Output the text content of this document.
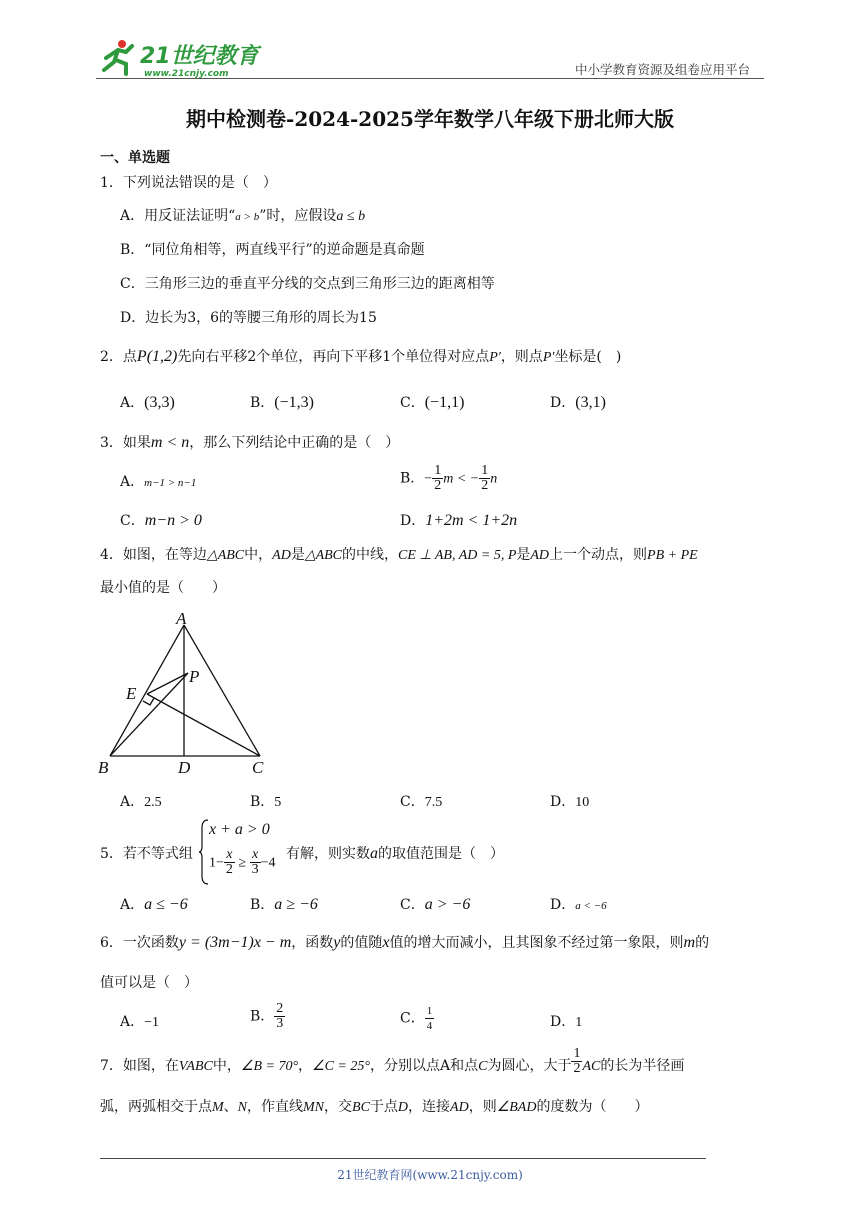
21世纪教育
www.21cnjy.com	中小学教育资源及组卷应用平台
期中检测卷-2024-2025学年数学八年级下册北师大版
一、单选题
1．下列说法错误的是（　）
A．用反证法证明“a > b”时，应假设a ≤ b
B．“同位角相等，两直线平行”的逆命题是真命题
C．三角形三边的垂直平分线的交点到三角形三边的距离相等
D．边长为3，6的等腰三角形的周长为15
2．点P(1,2)先向右平移2个单位，再向下平移1个单位得对应点P′，则点P′坐标是(　)
A．(3,3)	B．(−1,3)	C．(−1,1)	D．(3,1)
3．如果m < n，那么下列结论中正确的是（　）
A．m−1 > n−1	B．− $\frac{1}{2}$ m < − $\frac{1}{2}$ n
C．m−n > 0	D．1+2m < 1+2n
4．如图，在等边△ABC中，AD是△ABC的中线，CE ⊥ AB, AD = 5, P是AD上一个动点，则PB + PE
最小值的是（　　）
A
B	C
D
E
P
A．2.5	B．5	C．7.5	D．10
5．若不等式组
x + a > 0
$1- \frac{x}{2} \ge \frac{x}{3} -4$
有解，则实数a的取值范围是（　）
A．a ≤ −6	B．a ≥ −6	C．a > −6	D．a < −6
6．一次函数y = (3m−1)x − m，函数y的值随x值的增大而减小，且其图象不经过第一象限，则m的
值可以是（　）
A．−1	B． $\frac{2}{3}$	C． $\frac{1}{4}$	D．1
7．如图，在VABC中，∠B = 70°，∠C = 25°，分别以点A和点C为圆心，大于 $\frac{1}{2}$ AC的长为半径画
弧，两弧相交于点M、N，作直线MN，交BC于点D，连接AD，则∠BAD的度数为（　　）
21世纪教育网(www.21cnjy.com)
